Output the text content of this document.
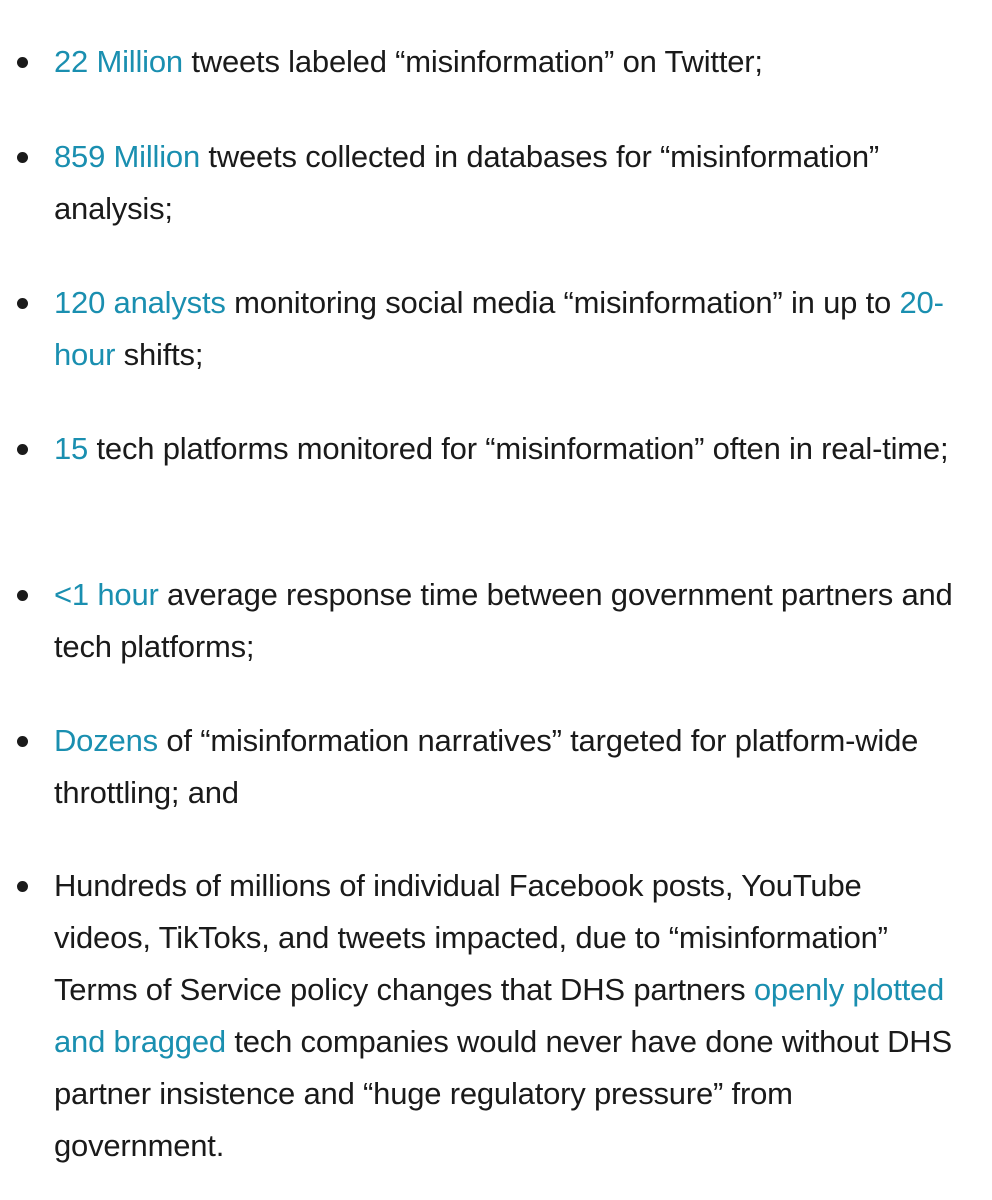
22 Million tweets labeled “misinformation” on Twitter;
859 Million tweets collected in databases for “misinformation” analysis;
120 analysts monitoring social media “misinformation” in up to 20-hour shifts;
15 tech platforms monitored for “misinformation” often in real-time;
<1 hour average response time between government partners and tech platforms;
Dozens of “misinformation narratives” targeted for platform-wide throttling; and
Hundreds of millions of individual Facebook posts, YouTube videos, TikToks, and tweets impacted, due to “misinformation” Terms of Service policy changes that DHS partners openly plotted and bragged tech companies would never have done without DHS partner insistence and “huge regulatory pressure” from government.
